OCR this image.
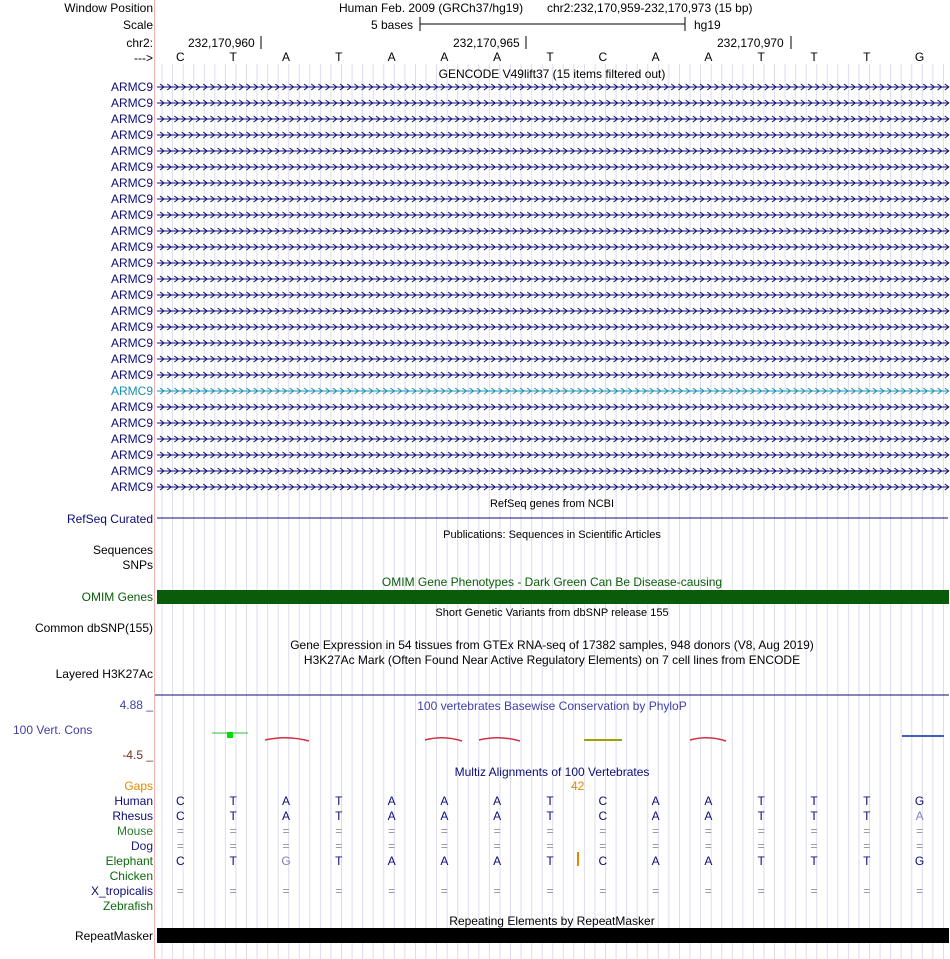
Window Position
Scale
chr2:
--->
Human Feb. 2009 (GRCh37/hg19) chr2:232,170,959-232,170,973 (15 bp)
5 bases	hg19
232,170,960	232,170,965	232,170,970
C	T	A	T	A	A	A	T	C	A	A	T	T	T	G
GENCODE V49lift37 (15 items filtered out)
ARMC9
ARMC9
ARMC9
ARMC9
ARMC9
ARMC9
ARMC9
ARMC9
ARMC9
ARMC9
ARMC9
ARMC9
ARMC9
ARMC9
ARMC9
ARMC9
ARMC9
ARMC9
ARMC9
ARMC9
ARMC9
ARMC9
ARMC9
ARMC9
ARMC9
ARMC9
RefSeq genes from NCBI
RefSeq Curated
Publications: Sequences in Scientific Articles
Sequences
SNPs
OMIM Gene Phenotypes - Dark Green Can Be Disease-causing
OMIM Genes
Short Genetic Variants from dbSNP release 155
Common dbSNP(155)
Gene Expression in 54 tissues from GTEx RNA-seq of 17382 samples, 948 donors (V8, Aug 2019)
H3K27Ac Mark (Often Found Near Active Regulatory Elements) on 7 cell lines from ENCODE
Layered H3K27Ac
100 vertebrates Basewise Conservation by PhyloP
4.88 _
100 Vert. Cons
-4.5 _
Multiz Alignments of 100 Vertebrates
Gaps	42
Human	C	T	A	T	A	A	A	T	C	A	A	T	T	T	G
Rhesus	C	T	A	T	A	A	A	T	C	A	A	T	T	T	A
Mouse	=	=	=	=	=	=	=	=	=	=	=	=	=	=	=
Dog	=	=	=	=	=	=	=	=	=	=	=	=	=	=	=
Elephant	C	T	G	T	A	A	A	T	C	A	A	T	T	T	G
Chicken
X_tropicalis	=	=	=	=	=	=	=	=	=	=	=	=	=	=	=
Zebrafish
Repeating Elements by RepeatMasker
RepeatMasker
